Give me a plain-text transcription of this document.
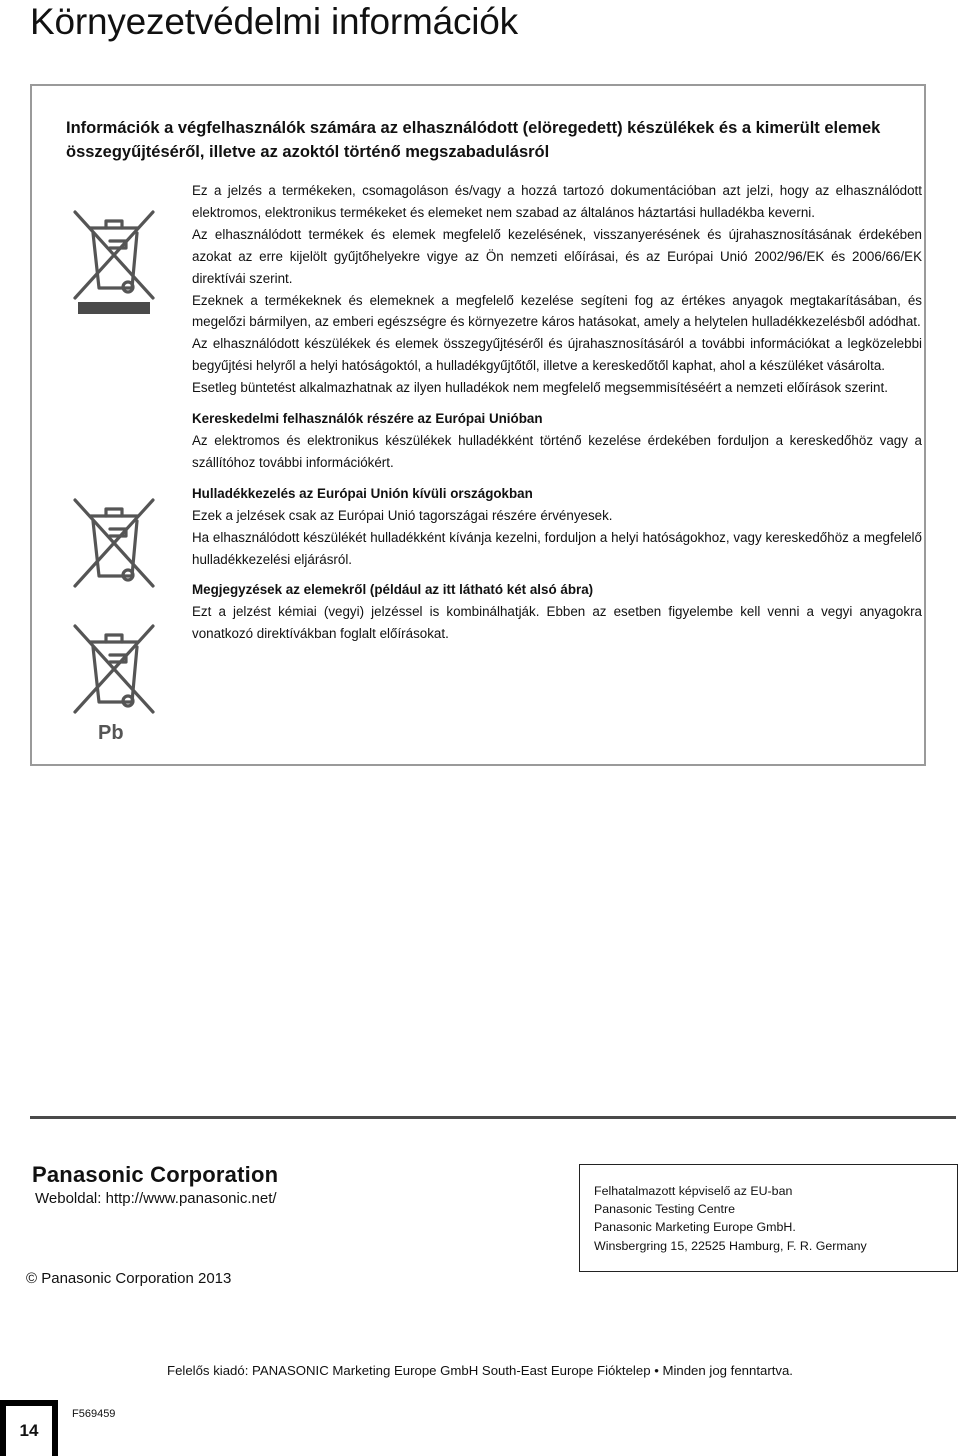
Környezetvédelmi információk
Információk a végfelhasználók számára az elhasználódott (elöregedett) készülékek és a kimerült elemek
összegyűjtéséről, illetve az azoktól történő megszabadulásról
Pb

Ez a jelzés a termékeken, csomagoláson és/vagy a hozzá tartozó dokumentációban azt jelzi, hogy az elhasználódott elektromos, elektronikus termékeket és elemeket nem szabad az általános háztartási hulladékba keverni.

Az elhasználódott termékek és elemek megfelelő kezelésének, visszanyerésének és újrahasznosításának érdekében azokat az erre kijelölt gyűjtőhelyekre vigye az Ön nemzeti előírásai, és az Európai Unió 2002/96/EK és 2006/66/EK direktívái szerint.

Ezeknek a termékeknek és elemeknek a megfelelő kezelése segíteni fog az értékes anyagok megtakarításában, és megelőzi bármilyen, az emberi egészségre és környezetre káros hatásokat, amely a helytelen hulladékkezelésből adódhat.

Az elhasználódott készülékek és elemek összegyűjtéséről és újrahasznosításáról a további információkat a legközelebbi begyűjtési helyről a helyi hatóságoktól, a hulladékgyűjtőtől, illetve a kereskedőtől kaphat, ahol a készüléket vásárolta.

Esetleg büntetést alkalmazhatnak az ilyen hulladékok nem megfelelő megsemmisítéséért a nemzeti előírások szerint.

Kereskedelmi felhasználók részére az Európai Unióban

Az elektromos és elektronikus készülékek hulladékként történő kezelése érdekében forduljon a kereskedőhöz vagy a szállítóhoz további információkért.

Hulladékkezelés az Európai Unión kívüli országokban

Ezek a jelzések csak az Európai Unió tagországai részére érvényesek.

Ha elhasználódott készülékét hulladékként kívánja kezelni, forduljon a helyi hatóságokhoz, vagy kereskedőhöz a megfelelő hulladékkezelési eljárásról.

Megjegyzések az elemekről (például az itt látható két alsó ábra)

Ezt a jelzést kémiai (vegyi) jelzéssel is kombinálhatják. Ebben az esetben figyelembe kell venni a vegyi anyagokra vonatkozó direktívákban foglalt előírásokat.

Panasonic Corporation
Weboldal: http://www.panasonic.net/
© Panasonic Corporation 2013
Felhatalmazott képviselő az EU-ban
Panasonic Testing Centre
Panasonic Marketing Europe GmbH.
Winsbergring 15, 22525 Hamburg, F. R. Germany
Felelős kiadó: PANASONIC Marketing Europe GmbH South-East Europe Fióktelep • Minden jog fenntartva.
14
F569459
